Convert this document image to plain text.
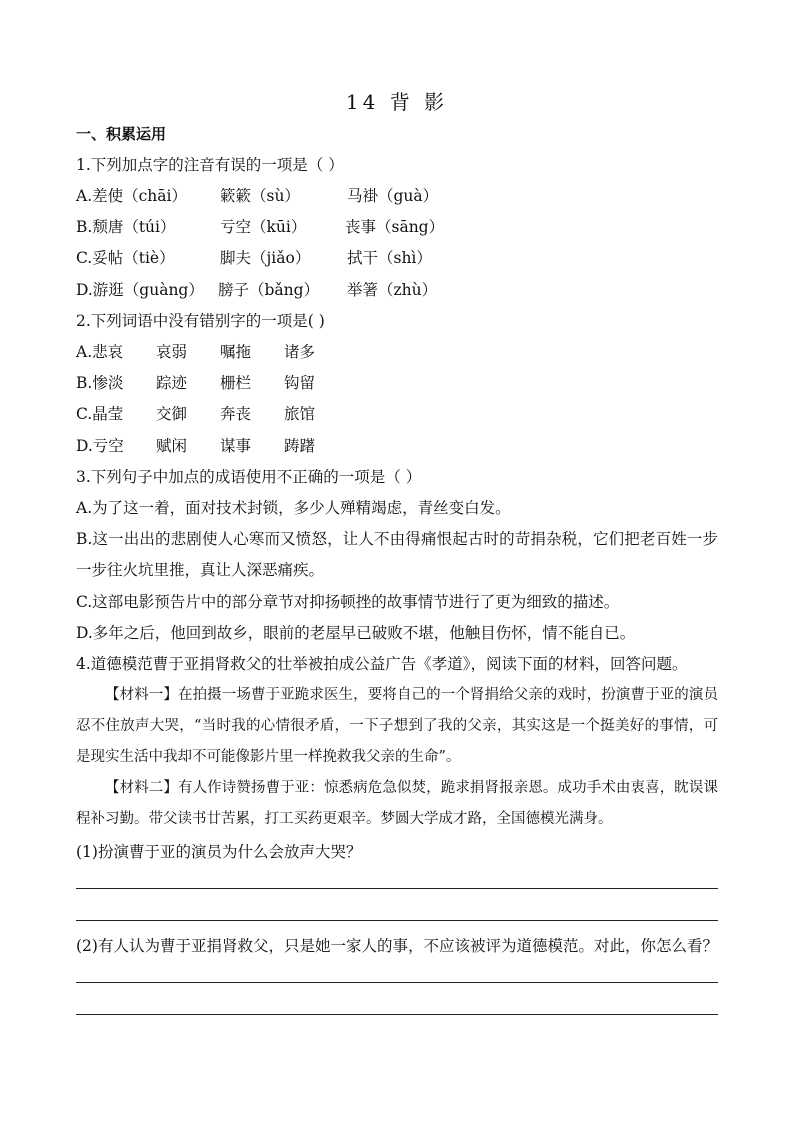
14 背 影
一、积累运用
1.下列加点字的注音有误的一项是（ ）
A.差使（chāi） 簌簌（sù）	马褂（guà）
B.颓唐（túi）	亏空（kūi） 丧事（sāng）
C.妥帖（tiè）	脚夫（jiǎo） 拭干（shì）
D.游逛（guàng） 膀子（bǎng） 举箸（zhù）
2.下列词语中没有错别字的一项是( )
A.悲哀 哀弱 嘱拖 诸多
B.惨淡 踪迹 栅栏 钩留
C.晶莹 交御 奔丧 旅馆
D.亏空 赋闲 谋事 踌躇
3.下列句子中加点的成语使用不正确的一项是（ ）
A.为了这一着，面对技术封锁，多少人殚精竭虑，青丝变白发。
B.这一出出的悲剧使人心寒而又愤怒，让人不由得痛恨起古时的苛捐杂税，它们把老百姓一步一步往火坑里推，真让人深恶痛疾。
C.这部电影预告片中的部分章节对抑扬顿挫的故事情节进行了更为细致的描述。
D.多年之后，他回到故乡，眼前的老屋早已破败不堪，他触目伤怀，情不能自已。
4.道德模范曹于亚捐肾救父的壮举被拍成公益广告《孝道》，阅读下面的材料，回答问题。
【材料一】在拍摄一场曹于亚跪求医生，要将自己的一个肾捐给父亲的戏时，扮演曹于亚的演员忍不住放声大哭，“当时我的心情很矛盾，一下子想到了我的父亲，其实这是一个挺美好的事情，可是现实生活中我却不可能像影片里一样挽救我父亲的生命”。
【材料二】有人作诗赞扬曹于亚：惊悉病危急似焚，跪求捐肾报亲恩。成功手术由衷喜，眈误课程补习勤。带父读书廿苦累，打工买药更艰辛。梦圆大学成才路，全国德模光满身。
(1)扮演曹于亚的演员为什么会放声大哭？
(2)有人认为曹于亚捐肾救父，只是她一家人的事，不应该被评为道德模范。对此，你怎么看？
